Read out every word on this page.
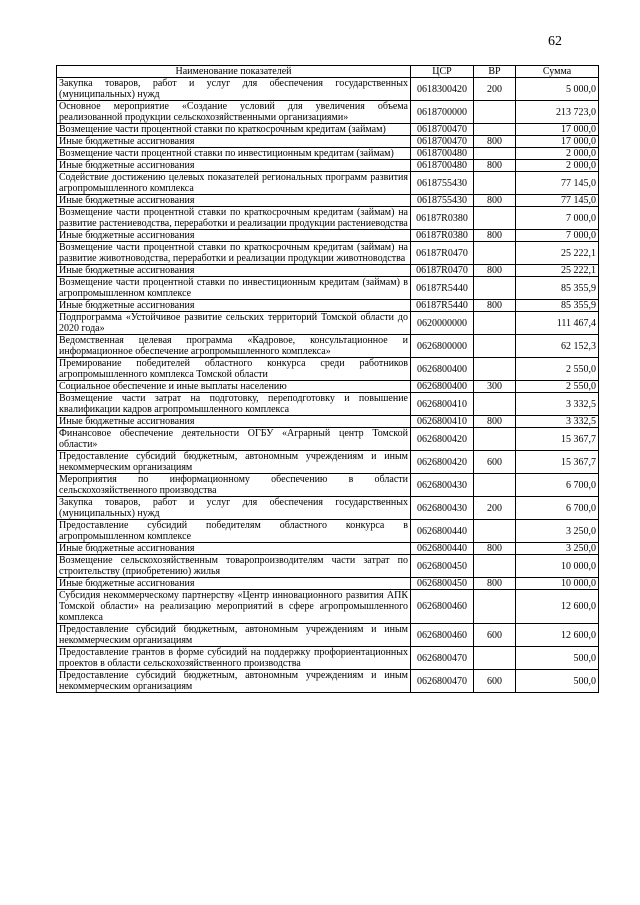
62
Наименование показателей	ЦСР	ВР	Сумма
Закупка товаров, работ и услуг для обеспечения государственных (муниципальных) нужд	0618300420	200	5 000,0
Основное мероприятие «Создание условий для увеличения объема реализованной продукции сельскохозяйственными организациями»	0618700000		213 723,0
Возмещение части процентной ставки по краткосрочным кредитам (займам)	0618700470		17 000,0
Иные бюджетные ассигнования	0618700470	800	17 000,0
Возмещение части процентной ставки по инвестиционным кредитам (займам)	0618700480		2 000,0
Иные бюджетные ассигнования	0618700480	800	2 000,0
Содействие достижению целевых показателей региональных программ развития агропромышленного комплекса	0618755430		77 145,0
Иные бюджетные ассигнования	0618755430	800	77 145,0
Возмещение части процентной ставки по краткосрочным кредитам (займам) на развитие растениеводства, переработки и реализации продукции растениеводства	06187R0380		7 000,0
Иные бюджетные ассигнования	06187R0380	800	7 000,0
Возмещение части процентной ставки по краткосрочным кредитам (займам) на развитие животноводства, переработки и реализации продукции животноводства	06187R0470		25 222,1
Иные бюджетные ассигнования	06187R0470	800	25 222,1
Возмещение части процентной ставки по инвестиционным кредитам (займам) в агропромышленном комплексе	06187R5440		85 355,9
Иные бюджетные ассигнования	06187R5440	800	85 355,9
Подпрограмма «Устойчивое развитие сельских территорий Томской области до 2020 года»	0620000000		111 467,4
Ведомственная целевая программа «Кадровое, консультационное и информационное обеспечение агропромышленного комплекса»	0626800000		62 152,3
Премирование победителей областного конкурса среди работников агропромышленного комплекса Томской области	0626800400		2 550,0
Социальное обеспечение и иные выплаты населению	0626800400	300	2 550,0
Возмещение части затрат на подготовку, переподготовку и повышение квалификации кадров агропромышленного комплекса	0626800410		3 332,5
Иные бюджетные ассигнования	0626800410	800	3 332,5
Финансовое обеспечение деятельности ОГБУ «Аграрный центр Томской области»	0626800420		15 367,7
Предоставление субсидий бюджетным, автономным учреждениям и иным некоммерческим организациям	0626800420	600	15 367,7
Мероприятия по информационному обеспечению в области сельскохозяйственного производства	0626800430		6 700,0
Закупка товаров, работ и услуг для обеспечения государственных (муниципальных) нужд	0626800430	200	6 700,0
Предоставление субсидий победителям областного конкурса в агропромышленном комплексе	0626800440		3 250,0
Иные бюджетные ассигнования	0626800440	800	3 250,0
Возмещение сельскохозяйственным товаропроизводителям части затрат по строительству (приобретению) жилья	0626800450		10 000,0
Иные бюджетные ассигнования	0626800450	800	10 000,0
Субсидия некоммерческому партнерству «Центр инновационного развития АПК Томской области» на реализацию мероприятий в сфере агропромышленного комплекса	0626800460		12 600,0
Предоставление субсидий бюджетным, автономным учреждениям и иным некоммерческим организациям	0626800460	600	12 600,0
Предоставление грантов в форме субсидий на поддержку профориентационных проектов в области сельскохозяйственного производства	0626800470		500,0
Предоставление субсидий бюджетным, автономным учреждениям и иным некоммерческим организациям	0626800470	600	500,0
